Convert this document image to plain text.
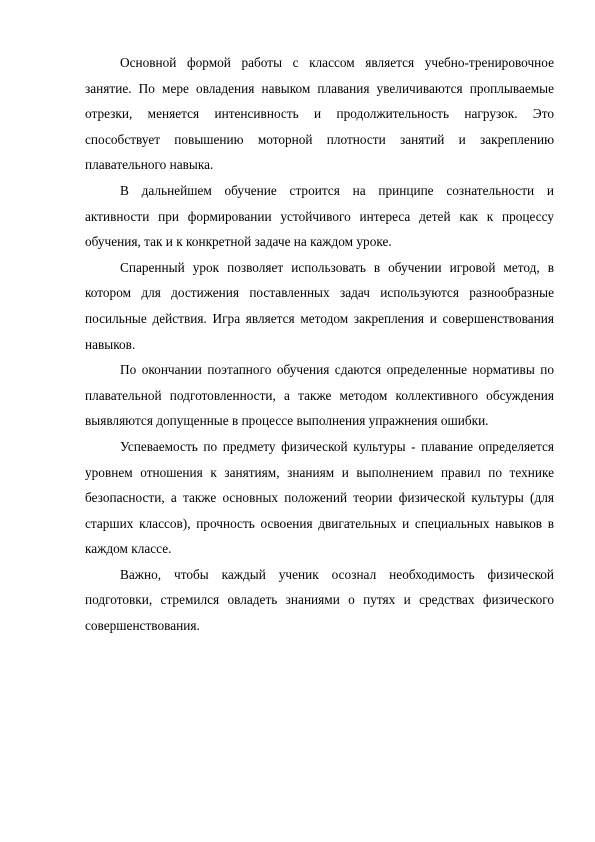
Основной формой работы с классом является учебно-тренировочное занятие. По мере овладения навыком плавания увеличиваются проплываемые отрезки, меняется интенсивность и продолжительность нагрузок. Это способствует повышению моторной плотности занятий и закреплению плавательного навыка.

В дальнейшем обучение строится на принципе сознательности и активности при формировании устойчивого интереса детей как к процессу обучения, так и к конкретной задаче на каждом уроке.

Спаренный урок позволяет использовать в обучении игровой метод, в котором для достижения поставленных задач используются разнообразные посильные действия. Игра является методом закрепления и совершенствования навыков.

По окончании поэтапного обучения сдаются определенные нормативы по плавательной подготовленности, а также методом коллективного обсуждения выявляются допущенные в процессе выполнения упражнения ошибки.

Успеваемость по предмету физической культуры - плавание определяется уровнем отношения к занятиям, знаниям и выполнением правил по технике безопасности, а также основных положений теории физической культуры (для старших классов), прочность освоения двигательных и специальных навыков в каждом классе.

Важно, чтобы каждый ученик осознал необходимость физической подготовки, стремился овладеть знаниями о путях и средствах физического совершенствования.
